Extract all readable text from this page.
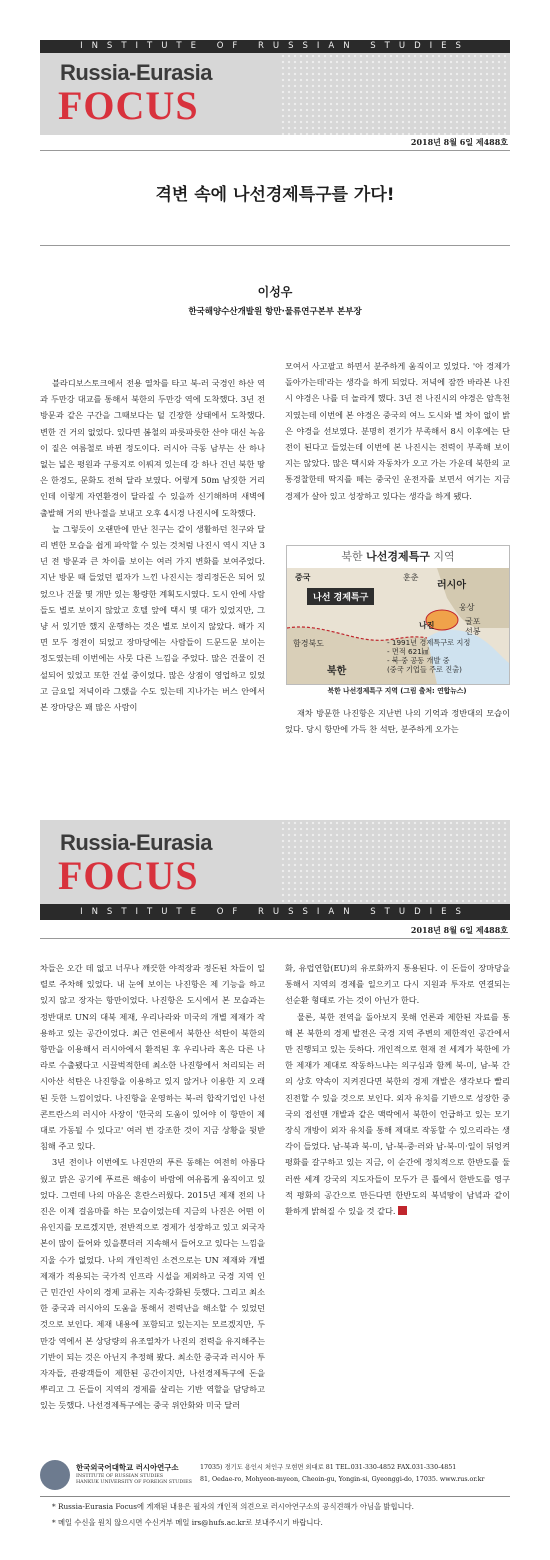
INSTITUTE OF RUSSIAN STUDIES
Russia-Eurasia
FOCUS
2018년 8월 6일 제488호
격변 속에 나선경제특구를 가다!
이성우
한국해양수산개발원 항만·물류연구본부 본부장

블라디보스토크에서 전용 열차를 타고 북-러 국경인 하산 역과 두만강 대교를 통해서 북한의 두만강 역에 도착했다. 3년 전 방문과 같은 구간을 그때보다는 덜 긴장한 상태에서 도착했다. 변한 건 거의 없었다. 있다면 봄철의 파릇파릇한 산야 대신 녹음이 짙은 여름철로 바뀐 정도이다. 러시아 극동 남부는 산 하나 없는 넓은 평원과 구릉지로 이뤄져 있는데 강 하나 건넌 북한 땅은 한경도, 문화도 전혀 달라 보였다. 어렇게 50m 남짓한 거리인데 이렇게 자연환경이 달라질 수 있을까 신기해하며 새벽에 출발해 거의 반나절을 보내고 오후 4시경 나진시에 도착했다.

늘 그렇듯이 오랜만에 만난 친구는 같이 생활하던 친구와 달리 변한 모습을 쉽게 파악할 수 있는 것처럼 나진시 역시 지난 3년 전 방문과 큰 차이를 보이는 여러 가지 변화를 보여주었다. 지난 방문 때 들었던 필자가 느낀 나진시는 정리정돈은 되어 있었으나 건물 몇 개만 있는 황량한 계획도시였다. 도시 안에 사람들도 별로 보이지 않았고 호텔 앞에 택시 몇 대가 있었지만, 그냥 서 있기만 했지 운행하는 것은 별로 보이지 않았다. 해가 지면 모두 정전이 되었고 장마당에는 사람들이 드문드문 보이는 정도였는데 이번에는 사뭇 다른 느낌을 주었다. 많은 건물이 건설되어 있었고 또한 건설 중이었다. 많은 상점이 영업하고 있었고 금요일 저녁이라 그랬을 수도 있는데 지나가는 버스 안에서 본 장마당은 꽤 많은 사람이

모여서 사고팔고 하면서 분주하게 움직이고 있었다. '아 경제가 돌아가는데'라는 생각을 하게 되었다. 저녁에 잠깐 바라본 나진시 야경은 나를 더 놀라게 했다. 3년 전 나진시의 야경은 암흑천지였는데 이번에 본 야경은 중국의 여느 도시와 별 차이 없이 밝은 야경을 선보였다. 분명히 전기가 부족해서 8시 이후에는 단전이 된다고 들었는데 이번에 본 나진시는 전력이 부족해 보이지는 않았다. 많은 택시와 자동차가 오고 가는 가운데 북한의 교통경찰한테 딱지를 떼는 중국인 운전자를 보면서 여기는 지금 경제가 살아 있고 성장하고 있다는 생각을 하게 됐다.

북한 나선경제특구 지역
나선 경제특구
중국
러시아
훈춘
웅상
나진	굴포
선봉
함경북도
북한
- 1991년 경제특구로 지정
- 면적 621㎢
- 북·중 공동 개발 중
(중국 기업들 주로 진출)
북한 나선경제특구 지역 (그림 출처: 연합뉴스)

재차 방문한 나진항은 지난번 나의 기억과 정반대의 모습이었다. 당시 항만에 가득 찬 석탄, 분주하게 오가는

Russia-Eurasia
FOCUS
INSTITUTE OF RUSSIAN STUDIES
2018년 8월 6일 제488호

차들은 오간 데 없고 너무나 깨끗한 야적장과 정돈된 차들이 일렬로 주차해 있었다. 내 눈에 보이는 나진항은 제 기능을 하고 있지 않고 장자는 항만이었다. 나진항은 도시에서 본 모습과는 정반대로 UN의 대북 제재, 우리나라와 미국의 개별 제재가 작용하고 있는 공간이었다. 최근 언론에서 북한산 석탄이 북한의 항만을 이용해서 러시아에서 환적된 후 우리나라 혹은 다른 나라로 수출됐다고 시끌벅적한데 최소한 나진항에서 처리되는 러시아산 석탄은 나진항을 이용하고 있지 않거나 이용한 지 오래된 듯한 느낌이었다. 나진항을 운영하는 북-러 합작기업인 나선콘트란스의 러시아 사장이 '한국의 도움이 있어야 이 항만이 제대로 가동될 수 있다고' 여러 번 강조한 것이 지금 상황을 뒷받침해 주고 있다.

3년 전이나 이번에도 나진만의 푸른 동해는 여전히 아름다웠고 맑은 공기에 푸르른 해송이 바람에 여유롭게 움직이고 있었다. 그런데 나의 마음은 혼란스러웠다. 2015년 제재 전의 나진은 이제 걸음마를 하는 모습이었는데 지금의 나진은 어떤 이유인지를 모르겠지만, 전반적으로 경제가 성장하고 있고 외국자본이 많이 들어와 있을뿐더러 지속해서 들어오고 있다는 느낌을 지울 수가 없었다. 나의 개인적인 소견으로는 UN 제재와 개별 제재가 적용되는 국가적 인프라 시설을 제외하고 국경 지역 인근 민간인 사이의 경제 교류는 지속·강화된 듯했다. 그리고 최소한 중국과 러시아의 도움을 통해서 전력난을 해소할 수 있었던 것으로 보인다. 제재 내용에 포함되고 있는지는 모르겠지만, 두만강 역에서 본 상당량의 유조열차가 나진의 전력을 유지해주는 기반이 되는 것은 아닌지 추정해 봤다. 최소한 중국과 러시아 투자자들, 관광객들이 제한된 공간이지만, 나선경제특구에 돈을 뿌리고 그 돈들이 지역의 경제를 살리는 기반 역할을 담당하고 있는 듯했다. 나선경제특구에는 중국 위안화와 미국 달러

화, 유럽연합(EU)의 유로화까지 통용된다. 이 돈들이 장마당을 통해서 지역의 경제를 일으키고 다시 지원과 투자로 연결되는 선순환 형태로 가는 것이 아닌가 한다.

물론, 북한 전역을 돌아보지 못해 언론과 제한된 자료를 통해 본 북한의 경제 발전은 국경 지역 주변의 제한적인 공간에서만 진행되고 있는 듯하다. 개인적으로 현재 전 세계가 북한에 가한 제재가 제대로 작동하느냐는 의구심과 함께 북-미, 남-북 간의 상호 약속이 지켜진다면 북한의 경제 개발은 생각보다 빨리 진전할 수 있을 것으로 보인다. 외자 유치를 기반으로 성장한 중국의 접선맨 개발과 같은 맥락에서 북한이 언급하고 있는 모기장식 개방이 외자 유치를 통해 제대로 작동할 수 있으리라는 생각이 들었다. 남-북과 북-미, 남-북-중·러와 남-북-미·일이 뒤엉켜 평화를 갈구하고 있는 지금, 이 순간에 정치적으로 한반도를 둘러싼 세계 강국의 지도자들이 모두가 큰 틀에서 한반도를 영구적 평화의 공간으로 만든다면 한반도의 북녘땅이 남녘과 같이 환하게 밝혀질 수 있을 것 같다.

한국외국어대학교 러시아연구소
INSTITUTE OF RUSSIAN STUDIES
HANKUK UNIVERSITY OF FOREIGN STUDIES
17035) 경기도 용인시 처인구 모현면 외대로 81 TEL.031-330-4852 FAX.031-330-4851
81, Oedae-ro, Mohyeon-myeon, Cheoin-gu, Yongin-si, Gyeonggi-do, 17035. www.rus.or.kr
* Russia-Eurasia Focus에 게재된 내용은 필자의 개인적 의견으로 러시아연구소의 공식견해가 아님을 밝힙니다.
* 메일 수신을 원치 않으시면 수신거부 메일 irs@hufs.ac.kr로 보내주시기 바랍니다.
